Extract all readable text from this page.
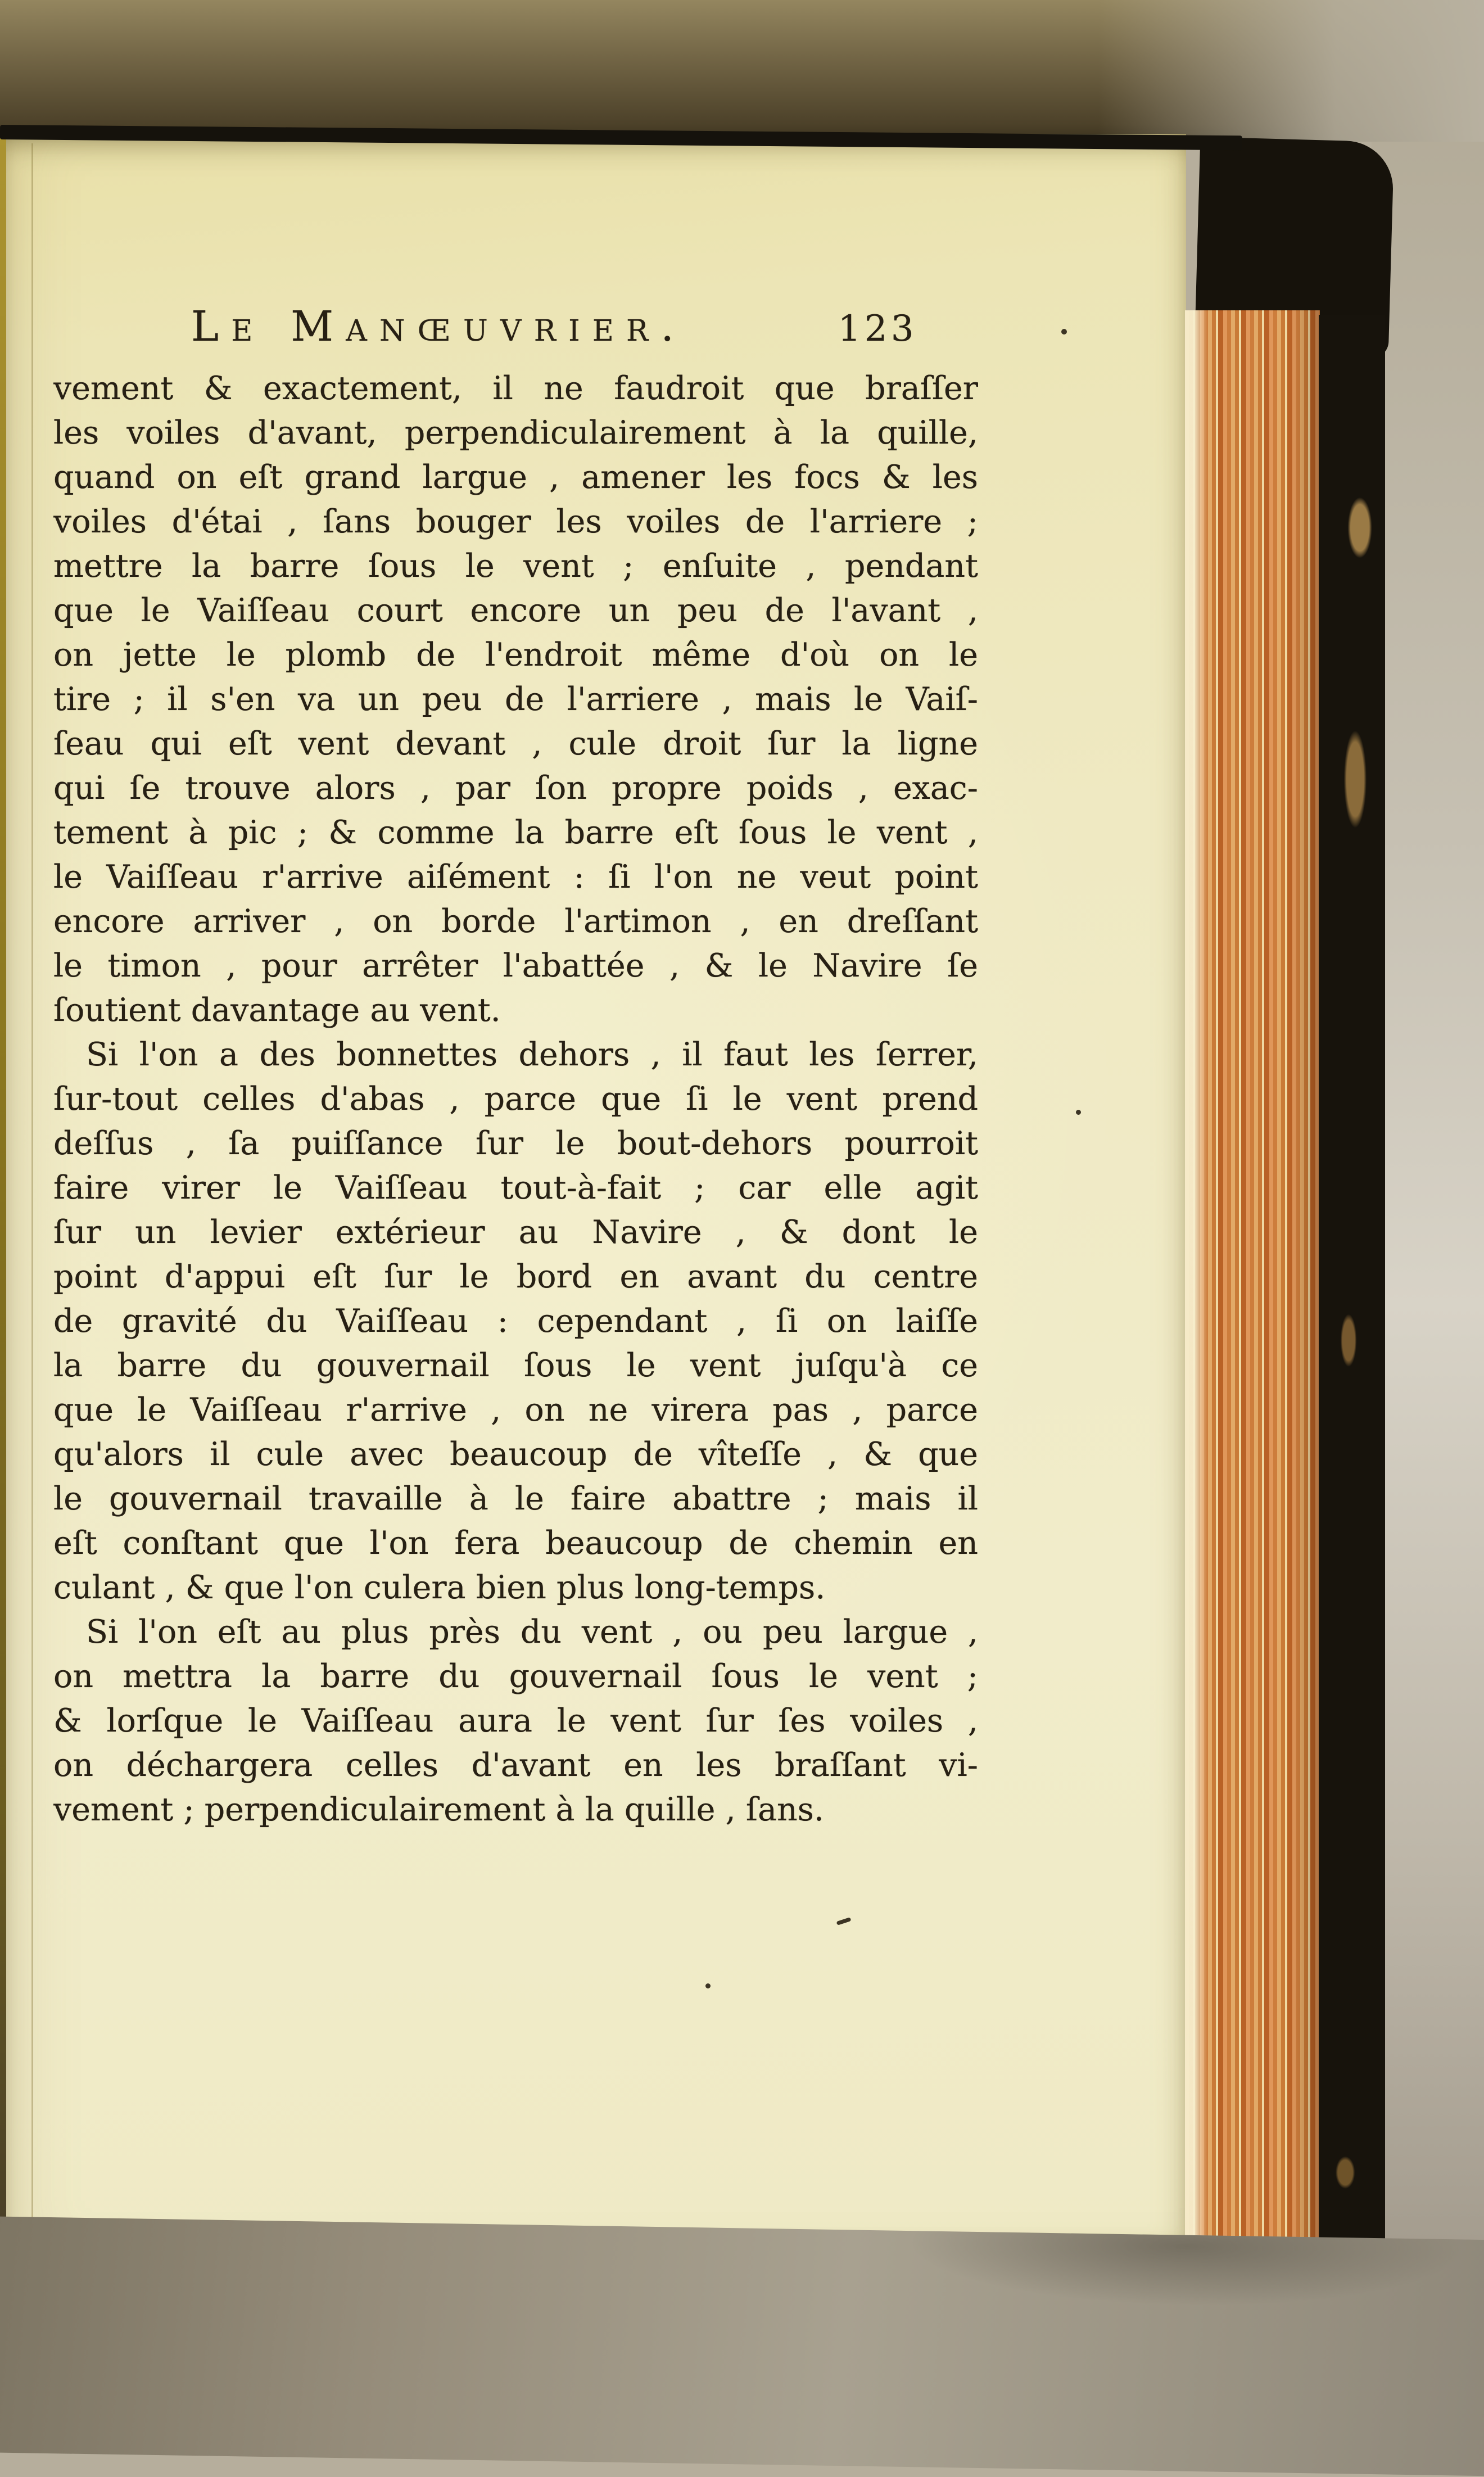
Le Manœuvrier.	123
vement & exactement, il ne faudroit que braſſer
les voiles d'avant, perpendiculairement à la quille,
quand on eſt grand largue , amener les focs & les
voiles d'étai , ſans bouger les voiles de l'arriere ;
mettre la barre ſous le vent ; enſuite , pendant
que le Vaiſſeau court encore un peu de l'avant ,
on jette le plomb de l'endroit même d'où on le
tire ; il s'en va un peu de l'arriere , mais le Vaiſ-
ſeau qui eſt vent devant , cule droit ſur la ligne
qui ſe trouve alors , par ſon propre poids , exac-
tement à pic ; & comme la barre eſt ſous le vent ,
le Vaiſſeau r'arrive aiſément : ſi l'on ne veut point
encore arriver , on borde l'artimon , en dreſſant
le timon , pour arrêter l'abattée , & le Navire ſe
ſoutient davantage au vent.
Si l'on a des bonnettes dehors , il faut les ſerrer,
ſur-tout celles d'abas , parce que ſi le vent prend
deſſus , ſa puiſſance ſur le bout-dehors pourroit
faire virer le Vaiſſeau tout-à-fait ; car elle agit
ſur un levier extérieur au Navire , & dont le
point d'appui eſt ſur le bord en avant du centre
de gravité du Vaiſſeau : cependant , ſi on laiſſe
la barre du gouvernail ſous le vent juſqu'à ce
que le Vaiſſeau r'arrive , on ne virera pas , parce
qu'alors il cule avec beaucoup de vîteſſe , & que
le gouvernail travaille à le faire abattre ; mais il
eſt conſtant que l'on fera beaucoup de chemin en
culant , & que l'on culera bien plus long-temps.
Si l'on eſt au plus près du vent , ou peu largue ,
on mettra la barre du gouvernail ſous le vent ;
& lorſque le Vaiſſeau aura le vent ſur ſes voiles ,
on déchargera celles d'avant en les braſſant vi-
vement ; perpendiculairement à la quille , ſans.
